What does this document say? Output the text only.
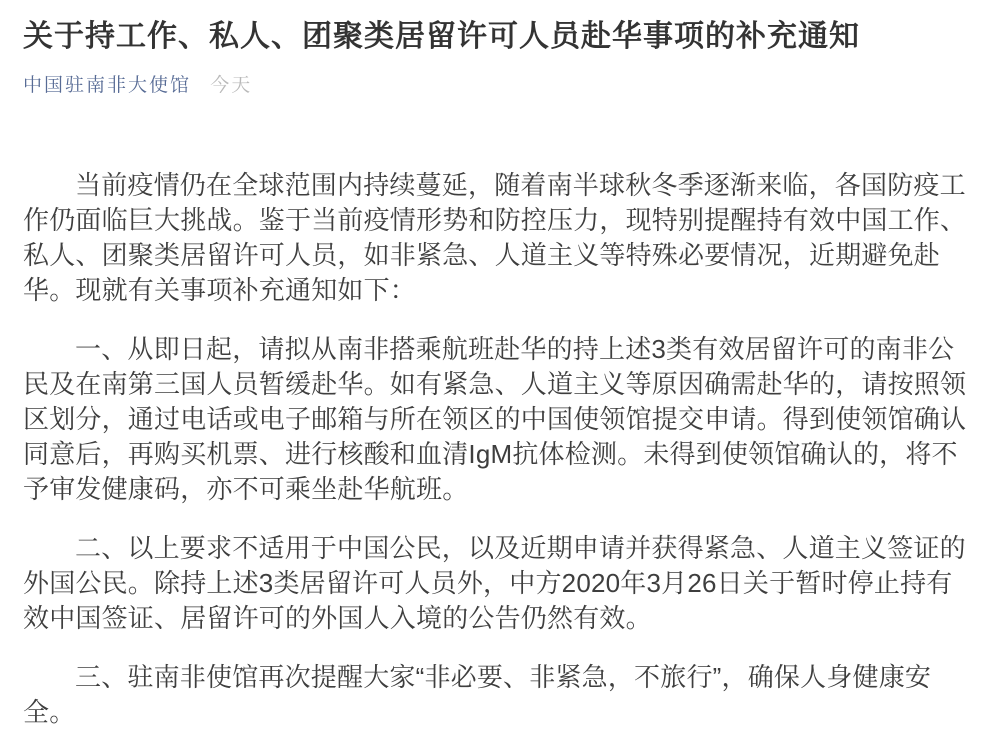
关于持工作、私人、团聚类居留许可人员赴华事项的补充通知
中国驻南非大使馆 今天

当前疫情仍在全球范围内持续蔓延，随着南半球秋冬季逐渐来临，各国防疫工作仍面临巨大挑战。鉴于当前疫情形势和防控压力，现特别提醒持有效中国工作、私人、团聚类居留许可人员，如非紧急、人道主义等特殊必要情况，近期避免赴华。现就有关事项补充通知如下：

一、从即日起，请拟从南非搭乘航班赴华的持上述3类有效居留许可的南非公民及在南第三国人员暂缓赴华。如有紧急、人道主义等原因确需赴华的，请按照领区划分，通过电话或电子邮箱与所在领区的中国使领馆提交申请。得到使领馆确认同意后，再购买机票、进行核酸和血清IgM抗体检测。未得到使领馆确认的，将不予审发健康码，亦不可乘坐赴华航班。

二、以上要求不适用于中国公民，以及近期申请并获得紧急、人道主义签证的外国公民。除持上述3类居留许可人员外，中方2020年3月26日关于暂时停止持有效中国签证、居留许可的外国人入境的公告仍然有效。

三、驻南非使馆再次提醒大家“非必要、非紧急，不旅行”，确保人身健康安全。
